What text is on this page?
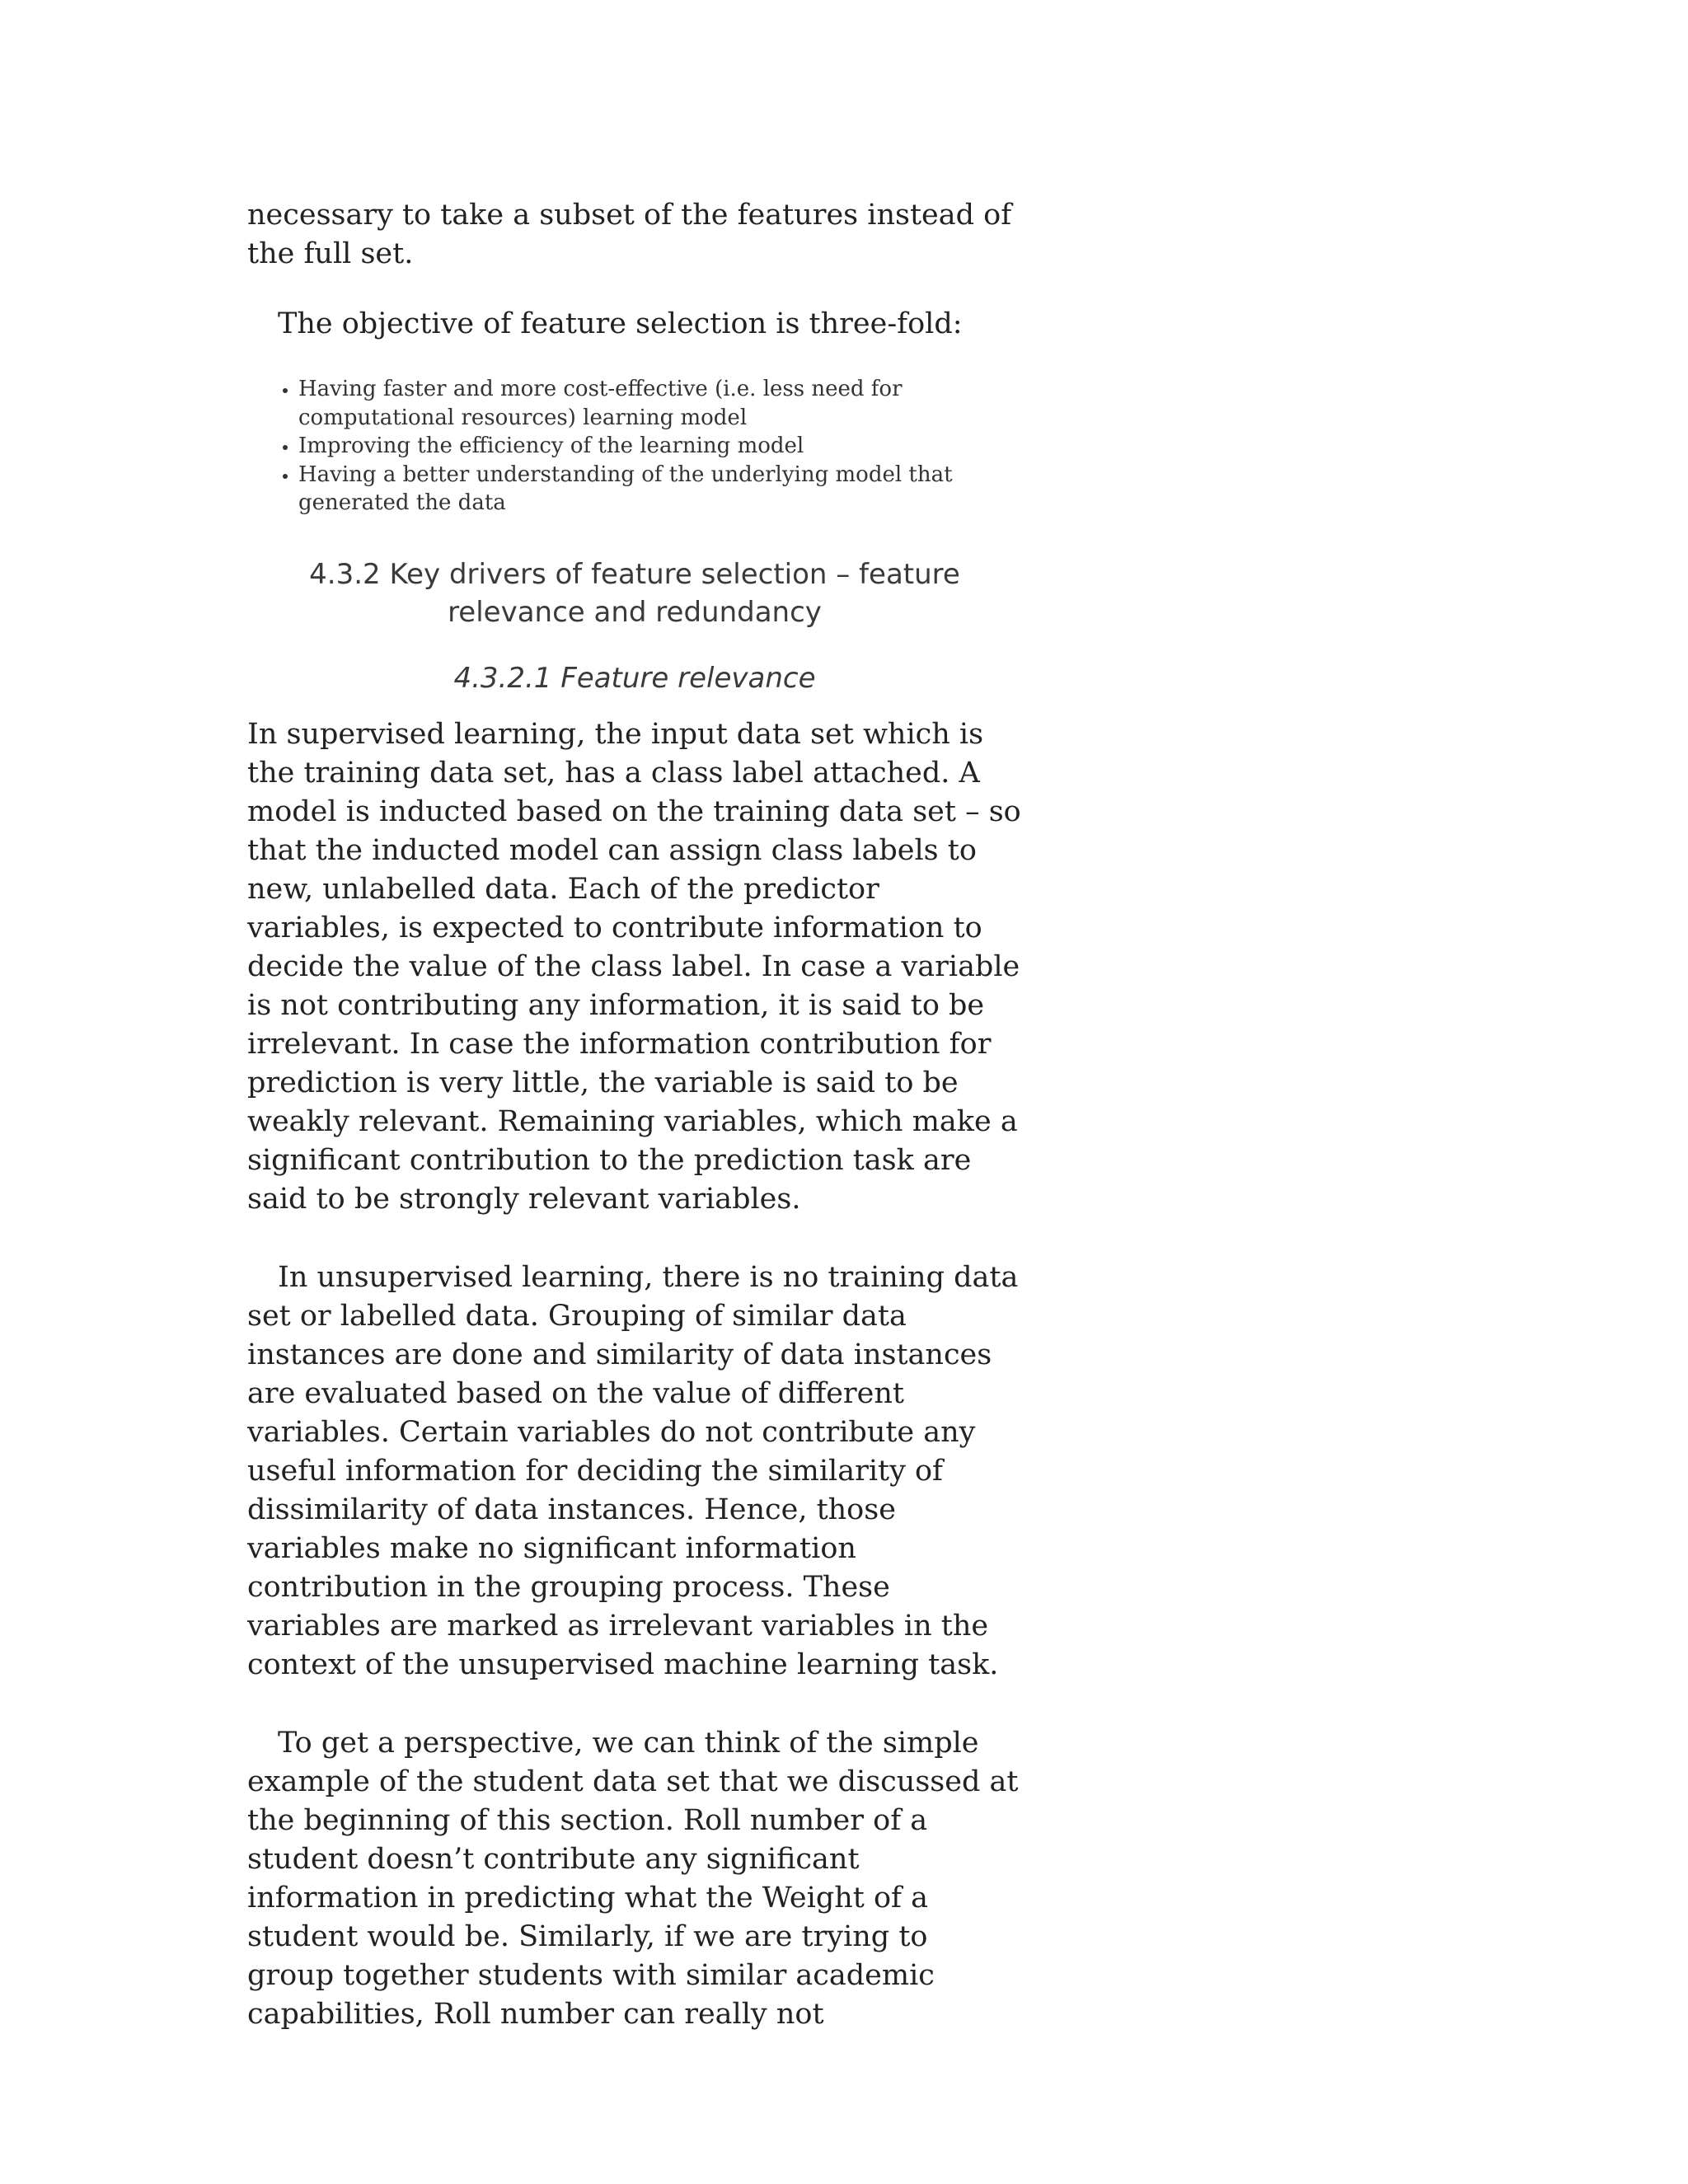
necessary to take a subset of the features instead of the full set.

The objective of feature selection is three-fold:

• Having faster and more cost-effective (i.e. less need for computational resources) learning model
• Improving the efficiency of the learning model
• Having a better understanding of the underlying model that generated the data
4.3.2 Key drivers of feature selection – feature relevance and redundancy
4.3.2.1 Feature relevance

In supervised learning, the input data set which is the training data set, has a class label attached. A model is inducted based on the training data set – so that the inducted model can assign class labels to new, unlabelled data. Each of the predictor variables, is expected to contribute information to decide the value of the class label. In case a variable is not contributing any information, it is said to be irrelevant. In case the information contribution for prediction is very little, the variable is said to be weakly relevant. Remaining variables, which make a significant contribution to the prediction task are said to be strongly relevant variables.

In unsupervised learning, there is no training data set or labelled data. Grouping of similar data instances are done and similarity of data instances are evaluated based on the value of different variables. Certain variables do not contribute any useful information for deciding the similarity of dissimilarity of data instances. Hence, those variables make no significant information contribution in the grouping process. These variables are marked as irrelevant variables in the context of the unsupervised machine learning task.

To get a perspective, we can think of the simple example of the student data set that we discussed at the beginning of this section. Roll number of a student doesn’t contribute any significant information in predicting what the Weight of a student would be. Similarly, if we are trying to group together students with similar academic capabilities, Roll number can really not
